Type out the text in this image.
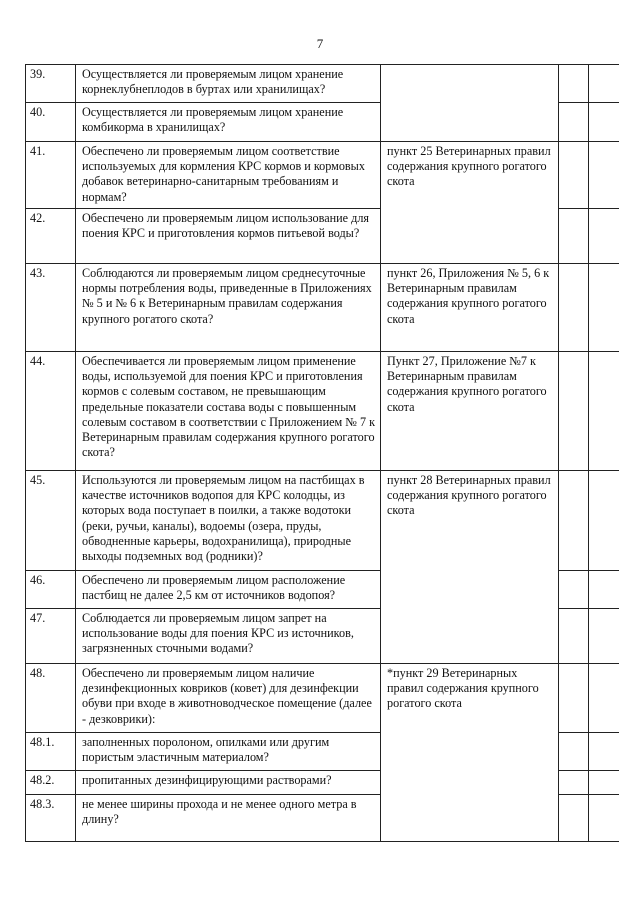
7
39.	Осуществляется ли проверяемым лицом хранение корнеклубнеплодов в буртах или хранилищах?			
40.	Осуществляется ли проверяемым лицом хранение комбикорма в хранилищах?			
41.	Обеспечено ли проверяемым лицом соответствие используемых для кормления КРС кормов и кормовых добавок ветеринарно-санитарным требованиям и нормам?	пункт 25 Ветеринарных правил содержания крупного рогатого скота		
42.	Обеспечено ли проверяемым лицом использование для поения КРС и приготовления кормов питьевой воды?			
43.	Соблюдаются ли проверяемым лицом среднесуточные нормы потребления воды, приведенные в Приложениях № 5 и № 6 к Ветеринарным правилам содержания крупного рогатого скота?	пункт 26, Приложения № 5, 6 к Ветеринарным правилам содержания крупного рогатого скота		
44.	Обеспечивается ли проверяемым лицом применение воды, используемой для поения КРС и приготовления кормов с солевым составом, не превышающим предельные показатели состава воды с повышенным солевым составом в соответствии с Приложением № 7 к Ветеринарным правилам содержания крупного рогатого скота?	Пункт 27, Приложение №7 к Ветеринарным правилам содержания крупного рогатого скота		
45.	Используются ли проверяемым лицом на пастбищах в качестве источников водопоя для КРС колодцы, из которых вода поступает в поилки, а также водотоки (реки, ручьи, каналы), водоемы (озера, пруды, обводненные карьеры, водохранилища), природные выходы подземных вод (родники)?	пункт 28 Ветеринарных правил содержания крупного рогатого скота		
46.	Обеспечено ли проверяемым лицом расположение пастбищ не далее 2,5 км от источников водопоя?			
47.	Соблюдается ли проверяемым лицом запрет на использование воды для поения КРС из источников, загрязненных сточными водами?			
48.	Обеспечено ли проверяемым лицом наличие дезинфекционных ковриков (ковет) для дезинфекции обуви при входе в животноводческое помещение (далее - дезковрики):	*пункт 29 Ветеринарных правил содержания крупного рогатого скота		
48.1.	заполненных поролоном, опилками или другим пористым эластичным материалом?			
48.2.	пропитанных дезинфицирующими растворами?			
48.3.	не менее ширины прохода и не менее одного метра в длину?			
